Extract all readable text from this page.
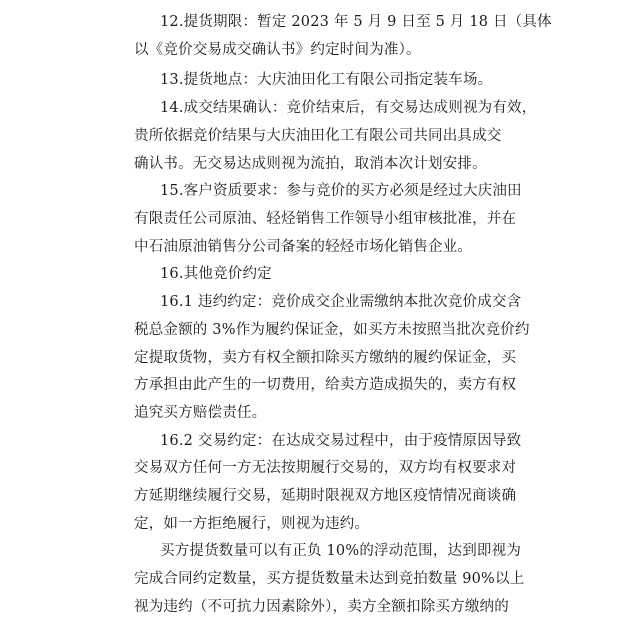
12.提货期限：暂定 2023 年 5 月 9 日至 5 月 18 日（具体
以《竞价交易成交确认书》约定时间为准）。
13.提货地点：大庆油田化工有限公司指定装车场。
14.成交结果确认：竞价结束后，有交易达成则视为有效，
贵所依据竞价结果与大庆油田化工有限公司共同出具成交
确认书。无交易达成则视为流拍，取消本次计划安排。
15.客户资质要求：参与竞价的买方必须是经过大庆油田
有限责任公司原油、轻烃销售工作领导小组审核批准，并在
中石油原油销售分公司备案的轻烃市场化销售企业。
16.其他竞价约定
16.1 违约约定：竞价成交企业需缴纳本批次竞价成交含
税总金额的 3%作为履约保证金，如买方未按照当批次竞价约
定提取货物，卖方有权全额扣除买方缴纳的履约保证金，买
方承担由此产生的一切费用，给卖方造成损失的，卖方有权
追究买方赔偿责任。
16.2 交易约定：在达成交易过程中，由于疫情原因导致
交易双方任何一方无法按期履行交易的，双方均有权要求对
方延期继续履行交易，延期时限视双方地区疫情情况商谈确
定，如一方拒绝履行，则视为违约。
买方提货数量可以有正负 10%的浮动范围，达到即视为
完成合同约定数量，买方提货数量未达到竞拍数量 90%以上
视为违约（不可抗力因素除外），卖方全额扣除买方缴纳的
